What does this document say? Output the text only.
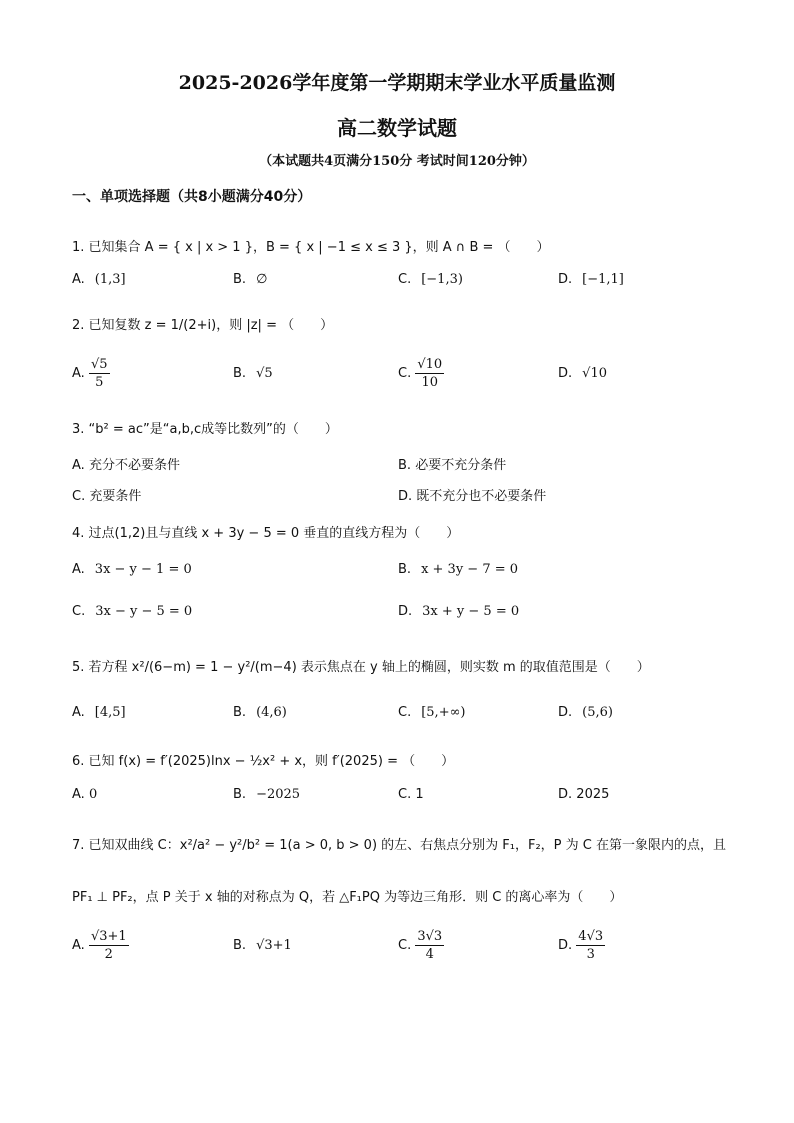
2025-2026学年度第一学期期末学业水平质量监测
高二数学试题
（本试题共4页满分150分 考试时间120分钟）
一、单项选择题（共8小题满分40分）
1. 已知集合 A = { x | x > 1 }，B = { x | −1 ≤ x ≤ 3 }，则 A ∩ B = （　　）
A. (1,3]	B. ∅	C. [−1,3)	D. [−1,1]
2. 已知复数 z = 1/(2+i)，则 |z| = （　　）
A. $\frac{√5}{5}$	B. √5	C. $\frac{√10}{10}$	D. √10
3. “b² = ac”是“a,b,c成等比数列”的（　　）
A. 充分不必要条件	B. 必要不充分条件
C. 充要条件	D. 既不充分也不必要条件
4. 过点(1,2)且与直线 x + 3y − 5 = 0 垂直的直线方程为（　　）
A. 3x − y − 1 = 0	B. x + 3y − 7 = 0
C. 3x − y − 5 = 0	D. 3x + y − 5 = 0
5. 若方程 x²/(6−m) = 1 − y²/(m−4) 表示焦点在 y 轴上的椭圆，则实数 m 的取值范围是（　　）
A. [4,5]	B. (4,6)	C. [5,+∞)	D. (5,6)
6. 已知 f(x) = f′(2025)lnx − ½x² + x，则 f′(2025) = （　　）
A. 0	B. −2025	C. 1	D. 2025
7. 已知双曲线 C：x²/a² − y²/b² = 1(a > 0, b > 0) 的左、右焦点分别为 F₁，F₂，P 为 C 在第一象限内的点，且
PF₁ ⊥ PF₂，点 P 关于 x 轴的对称点为 Q，若 △F₁PQ 为等边三角形．则 C 的离心率为（　　）
A. $\frac{√3+1}{2}$	B. √3+1	C. $\frac{3√3}{4}$	D. $\frac{4√3}{3}$
